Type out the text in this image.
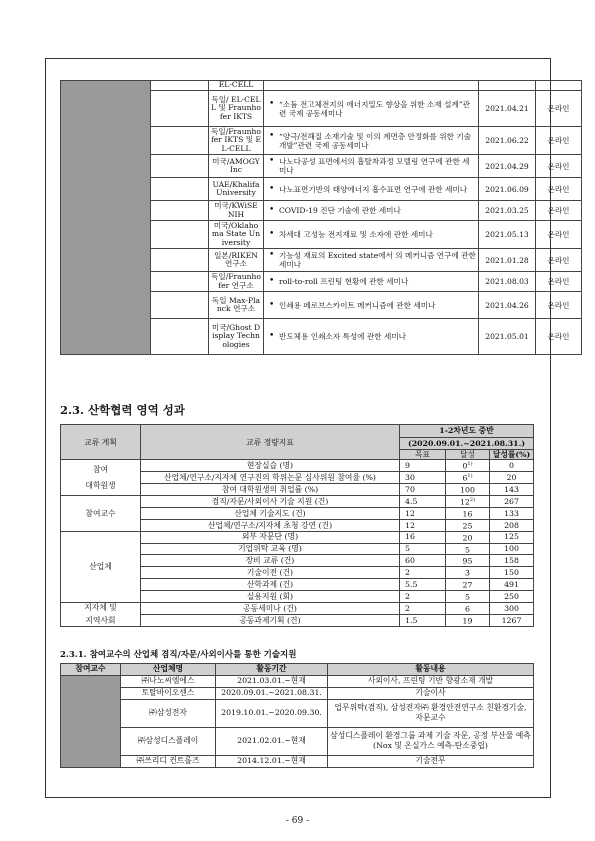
		EL-CELL			
		독일/ EL-CELL 및 Fraunhofer IKTS	• “소듐 전고체전지의 에너지밀도 향상을 위한 소재 설계”관련 국제 공동세미나	2021.04.21	온라인
		독일/Fraunhofer IKTS 및 EL-CELL	• “양극/전해질 소재기술 및 이의 계면층 안정화를 위한 기술개발”관련 국제 공동세미나	2021.06.22	온라인
		미국/AMOGY Inc	• 나노다공성 표면에서의 흡탈착과정 모델링 연구에 관한 세미나	2021.04.29	온라인
		UAE/Khalifa University	• 나노표면기반의 태양에너지 흡수표면 연구에 관한 세미나	2021.06.09	온라인
		미국/KWiSE NIH	• COVID-19 진단 기술에 관한 세미나	2021.03.25	온라인
		미국/Oklahoma State University	• 차세대 고성능 전지재료 및 소자에 관한 세미나	2021.05.13	온라인
		일본/RIKEN 연구소	• 기능성 재료의 Excited state에서 의 메커니즘 연구에 관한 세미나	2021.01.28	온라인
		독일/Fraunhofer 연구소	• roll-to-roll 프린팅 현황에 관한 세미나	2021.08.03	온라인
		독일 Max-Planck 연구소	• 인쇄용 페로브스카이트 메커니즘에 관한 세미나	2021.04.26	온라인
		미국/Ghost Display Technologies	• 반도체용 인쇄소자 특성에 관한 세미나	2021.05.01	온라인
2.3. 산학협력 영역 성과
교류 계획	교류 정량지표	1-2차년도 중반		
		(2020.09.01.~2021.08.31.)		
		목표	달성	달성률(%)

참여
대학원생	현장실습 (명)	9	0$^{1)}$	0
	산업체/연구소/지자체 연구진의 학위논문 심사위원 참여율 (%)	30	6$^{1)}$	20
	참여 대학원생의 취업률 (%)	70	100	143
참여교수	겸직/자문/사외이사 기술 지원 (건)	4.5	12$^{2)}$	267
	산업체 기술지도 (건)	12	16	133
	산업체/연구소/지자체 초청 강연 (건)	12	25	208
산업체	외부 자문단 (명)	16	20	125
	기업위탁 교육 (명)	5	5	100
	장비 교류 (건)	60	95	158
	기술이전 (건)	2	3	150
	산학과제 (건)	5.5	27	491
	실용지원 (회)	2	5	250

지자체 및
지역사회	공동세미나 (건)	2	6	300
	공동과제기획 (건)	1.5	19	1267
2.3.1. 참여교수의 산업체 겸직/자문/사외이사를 통한 기술지원
참여교수	산업체명	활동기간	활동내용
	㈜나노씨엠에스	2021.03.01.~현재	사외이사, 프린팅 기반 향광소재 개발
	토탈바이오센스	2020.09.01.~2021.08.31.	기술이사
	㈜삼성전자	2019.10.01.~2020.09.30.	업무위탁(겸직), 삼성전자㈜ 환경안전연구소 친환경기술, 자문교수
	㈜삼성디스플레이	2021.02.01.~현재	삼성디스플레이 환경그룹 과제 기술 자문, 공정 부산물 예측 (Nox 및 온실가스 예측-탄소중립)
	㈜쓰리디 컨트롤즈	2014.12.01.~현재	기술전무
- 69 -
